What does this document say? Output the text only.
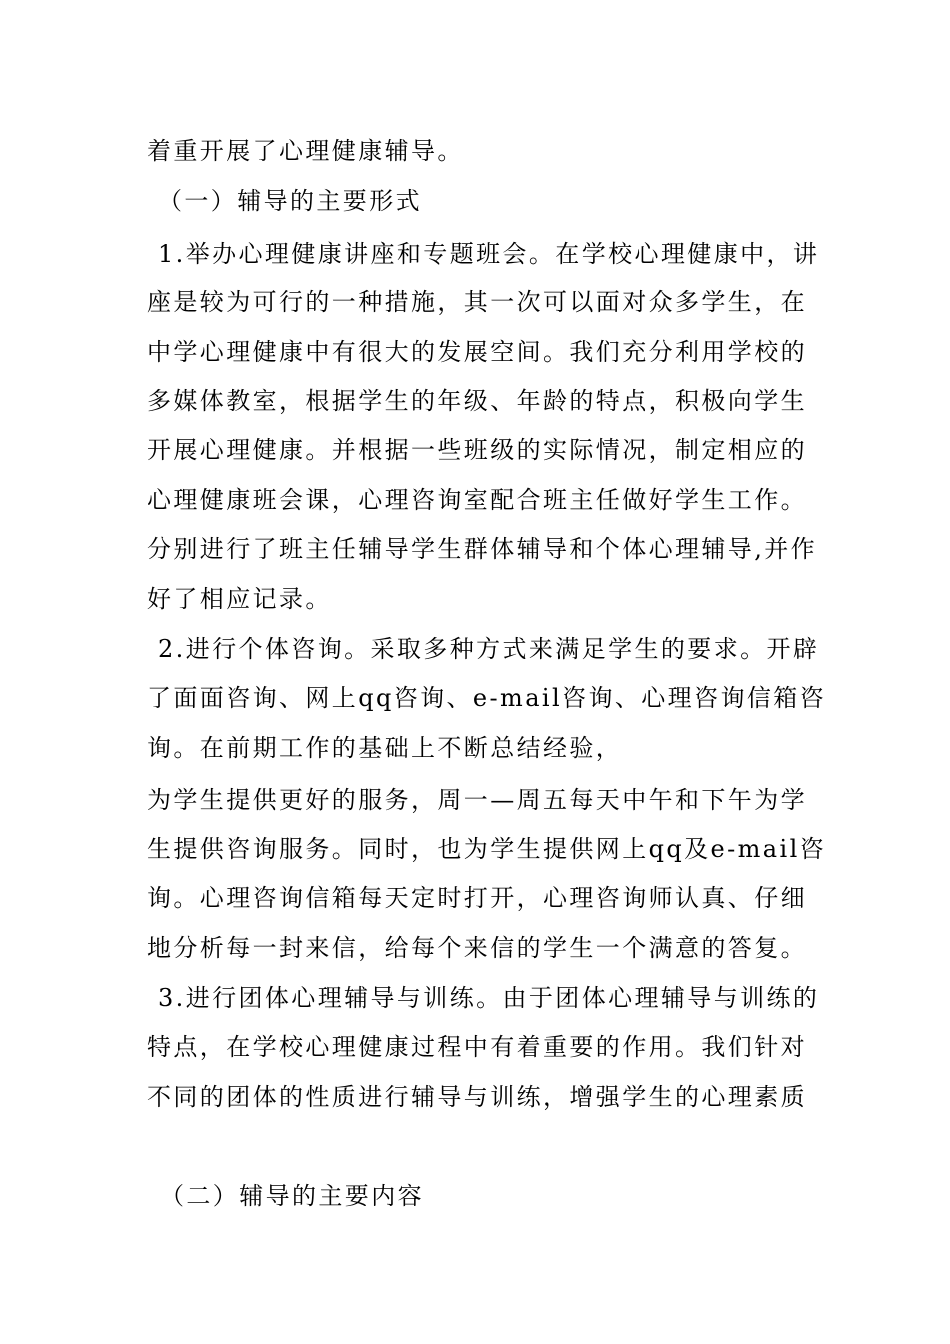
着重开展了心理健康辅导。
（一）辅导的主要形式
1.举办心理健康讲座和专题班会。在学校心理健康中，讲
座是较为可行的一种措施，其一次可以面对众多学生，在
中学心理健康中有很大的发展空间。我们充分利用学校的
多媒体教室，根据学生的年级、年龄的特点，积极向学生
开展心理健康。并根据一些班级的实际情况，制定相应的
心理健康班会课，心理咨询室配合班主任做好学生工作。
分别进行了班主任辅导学生群体辅导和个体心理辅导,并作
好了相应记录。
2.进行个体咨询。采取多种方式来满足学生的要求。开辟
了面面咨询、网上qq咨询、e-mail咨询、心理咨询信箱咨
询。在前期工作的基础上不断总结经验，
为学生提供更好的服务，周一—周五每天中午和下午为学
生提供咨询服务。同时，也为学生提供网上qq及e-mail咨
询。心理咨询信箱每天定时打开，心理咨询师认真、仔细
地分析每一封来信，给每个来信的学生一个满意的答复。
3.进行团体心理辅导与训练。由于团体心理辅导与训练的
特点，在学校心理健康过程中有着重要的作用。我们针对
不同的团体的性质进行辅导与训练，增强学生的心理素质
（二）辅导的主要内容
